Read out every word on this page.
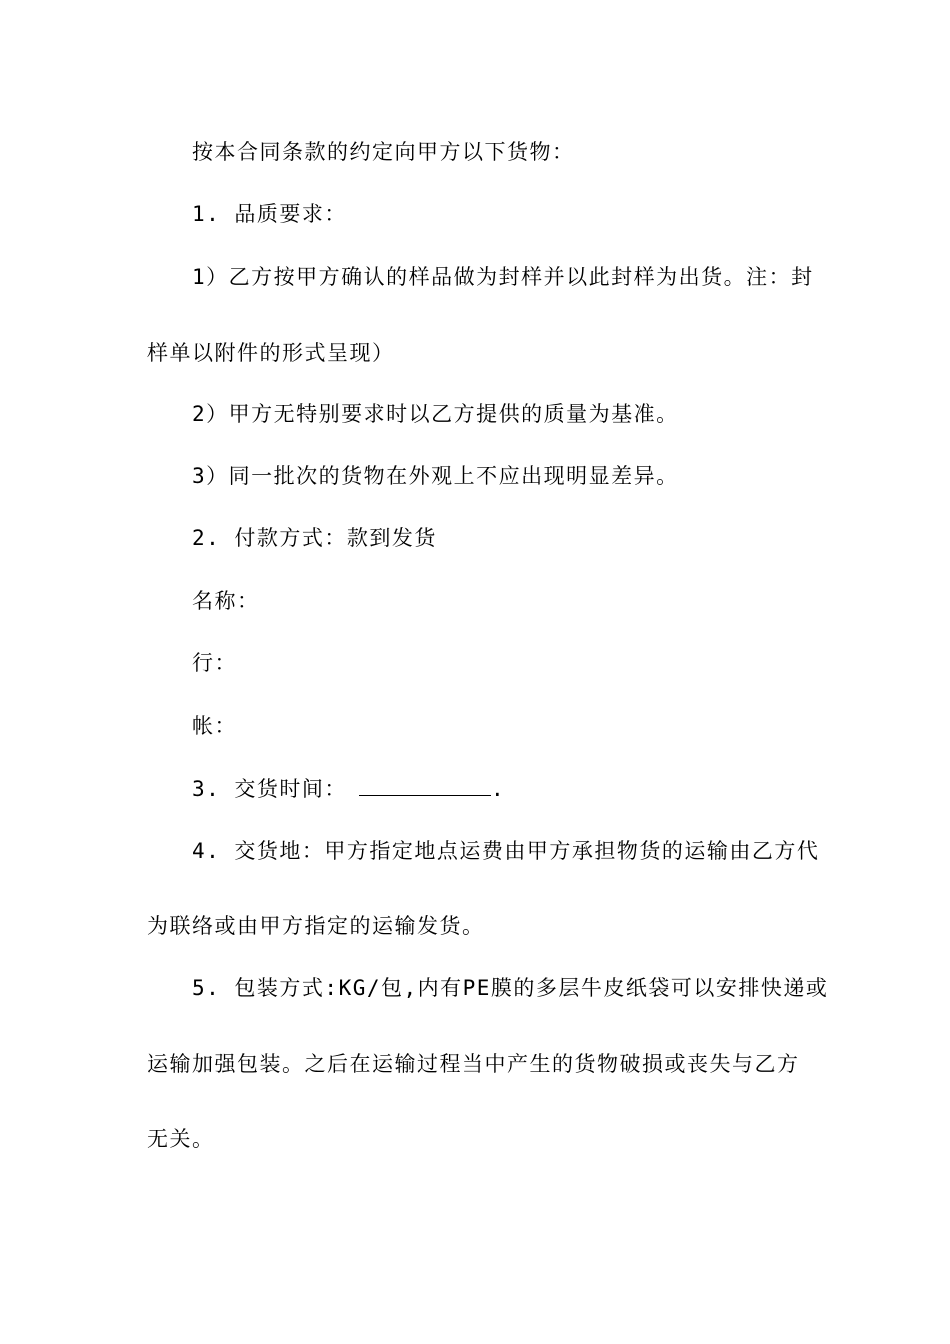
按本合同条款的约定向甲方以下货物：
1. 品质要求：
1）乙方按甲方确认的样品做为封样并以此封样为出货。注：封
样单以附件的形式呈现）
2）甲方无特别要求时以乙方提供的质量为基准。
3）同一批次的货物在外观上不应出现明显差异。
2. 付款方式：款到发货
名称：
行：
帐：
3. 交货时间：	.
4. 交货地：甲方指定地点运费由甲方承担物货的运输由乙方代
为联络或由甲方指定的运输发货。
5. 包装方式:KG/包,内有PE膜的多层牛皮纸袋可以安排快递或
运输加强包装。之后在运输过程当中产生的货物破损或丧失与乙方
无关。
